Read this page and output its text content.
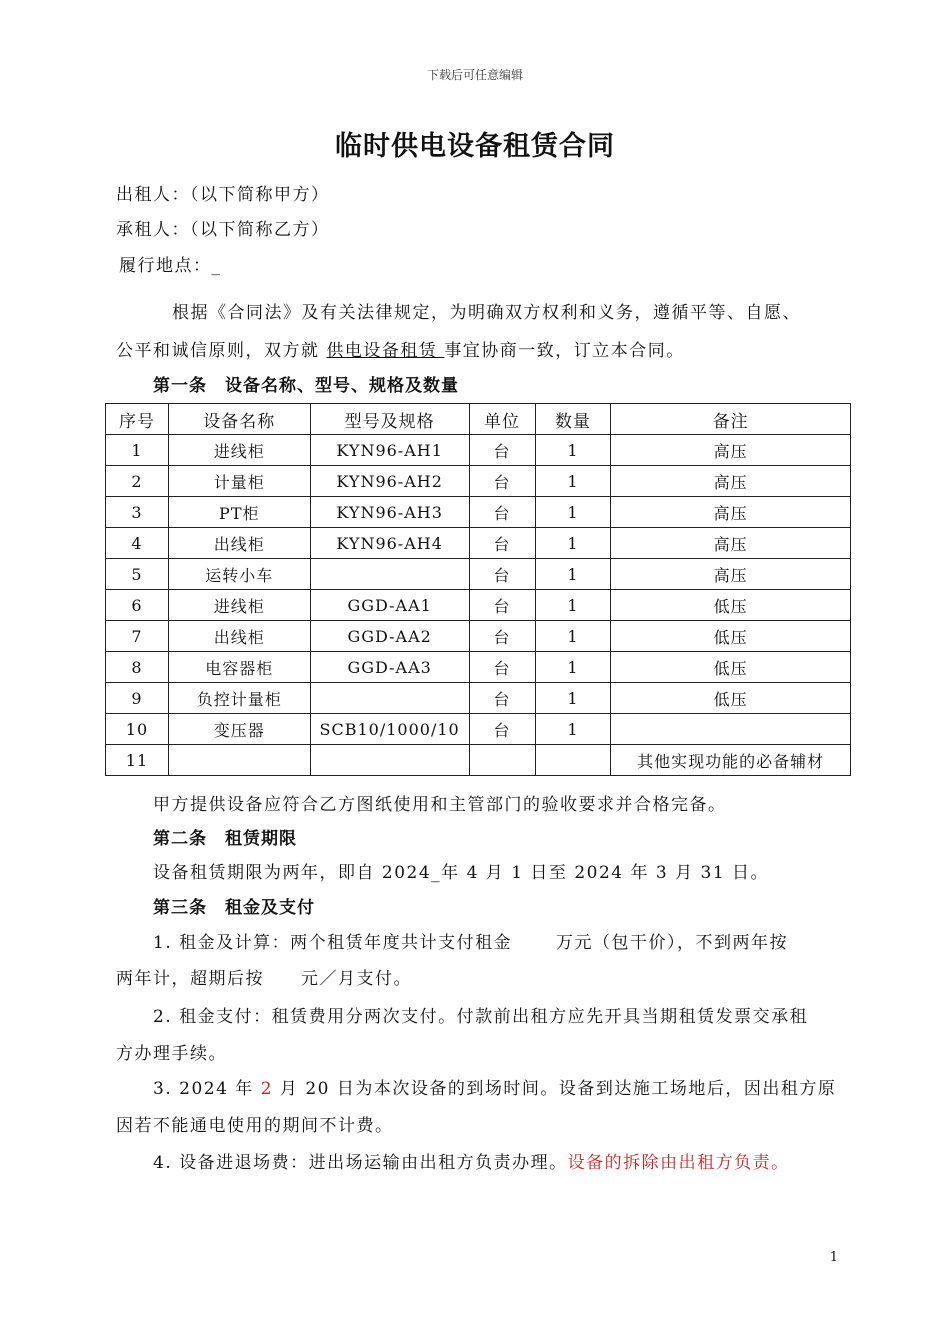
下载后可任意编辑
临时供电设备租赁合同
出租人：（以下简称甲方）
承租人：（以下简称乙方）
履行地点：_
根据《合同法》及有关法律规定，为明确双方权利和义务，遵循平等、自愿、
公平和诚信原则，双方就 供电设备租赁 事宜协商一致，订立本合同。
第一条　设备名称、型号、规格及数量
序号	设备名称	型号及规格	单位	数量	备注
1	进线柜	KYN96-AH1	台	1	高压
2	计量柜	KYN96-AH2	台	1	高压
3	PT柜	KYN96-AH3	台	1	高压
4	出线柜	KYN96-AH4	台	1	高压
5	运转小车		台	1	高压
6	进线柜	GGD-AA1	台	1	低压
7	出线柜	GGD-AA2	台	1	低压
8	电容器柜	GGD-AA3	台	1	低压
9	负控计量柜		台	1	低压
10	变压器	SCB10/1000/10	台	1	
11					其他实现功能的必备辅材
甲方提供设备应符合乙方图纸使用和主管部门的验收要求并合格完备。
第二条　租赁期限
设备租赁期限为两年，即自 2024_年 4 月 1 日至 2024 年 3 月 31 日。
第三条　租金及支付
1. 租金及计算：两个租赁年度共计支付租金　　 万元（包干价），不到两年按
两年计，超期后按　　元／月支付。
2. 租金支付：租赁费用分两次支付。付款前出租方应先开具当期租赁发票交承租
方办理手续。
3. 2024 年 2 月 20 日为本次设备的到场时间。设备到达施工场地后，因出租方原
因若不能通电使用的期间不计费。
4. 设备进退场费：进出场运输由出租方负责办理。设备的拆除由出租方负责。
1
